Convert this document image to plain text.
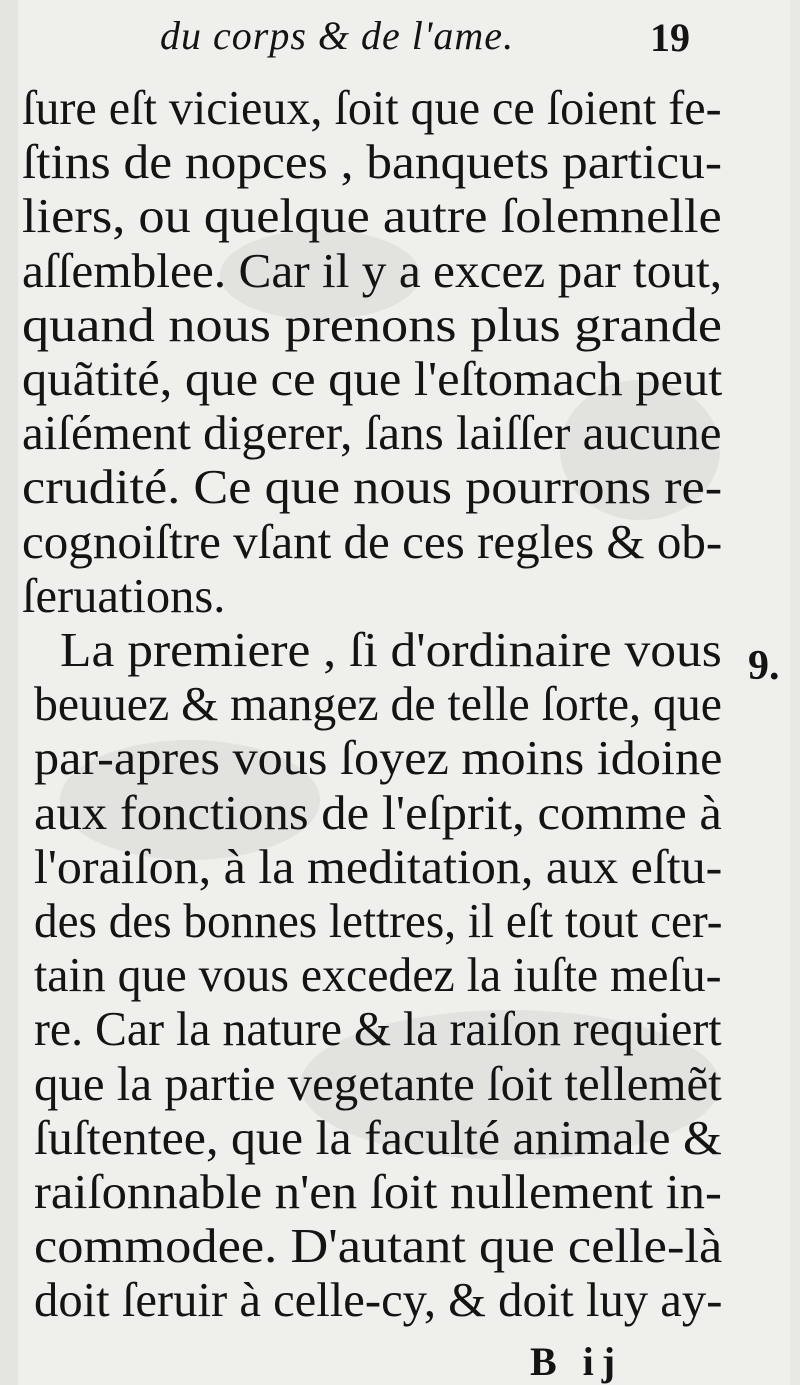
du corps & de l'ame.	19
ſure eſt vicieux, ſoit que ce ſoient fe-
ſtins de nopces , banquets particu-
liers, ou quelque autre ſolemnelle
aſſemblee. Car il y a excez par tout,
quand nous prenons plus grande
quãtité, que ce que l'eſtomach peut
aiſément digerer, ſans laiſſer aucune
crudité. Ce que nous pourrons re-
cognoiſtre vſant de ces regles & ob-
ſeruations.
La premiere , ſi d'ordinaire vous
beuuez & mangez de telle ſorte, que
par-apres vous ſoyez moins idoine
aux fonctions de l'eſprit, comme à
l'oraiſon, à la meditation, aux eſtu-
des des bonnes lettres, il eſt tout cer-
tain que vous excedez la iuſte meſu-
re. Car la nature & la raiſon requiert
que la partie vegetante ſoit tellemẽt
ſuſtentee, que la faculté animale &
raiſonnable n'en ſoit nullement in-
commodee. D'autant que celle-là
doit ſeruir à celle-cy, & doit luy ay-
9.
B ij
